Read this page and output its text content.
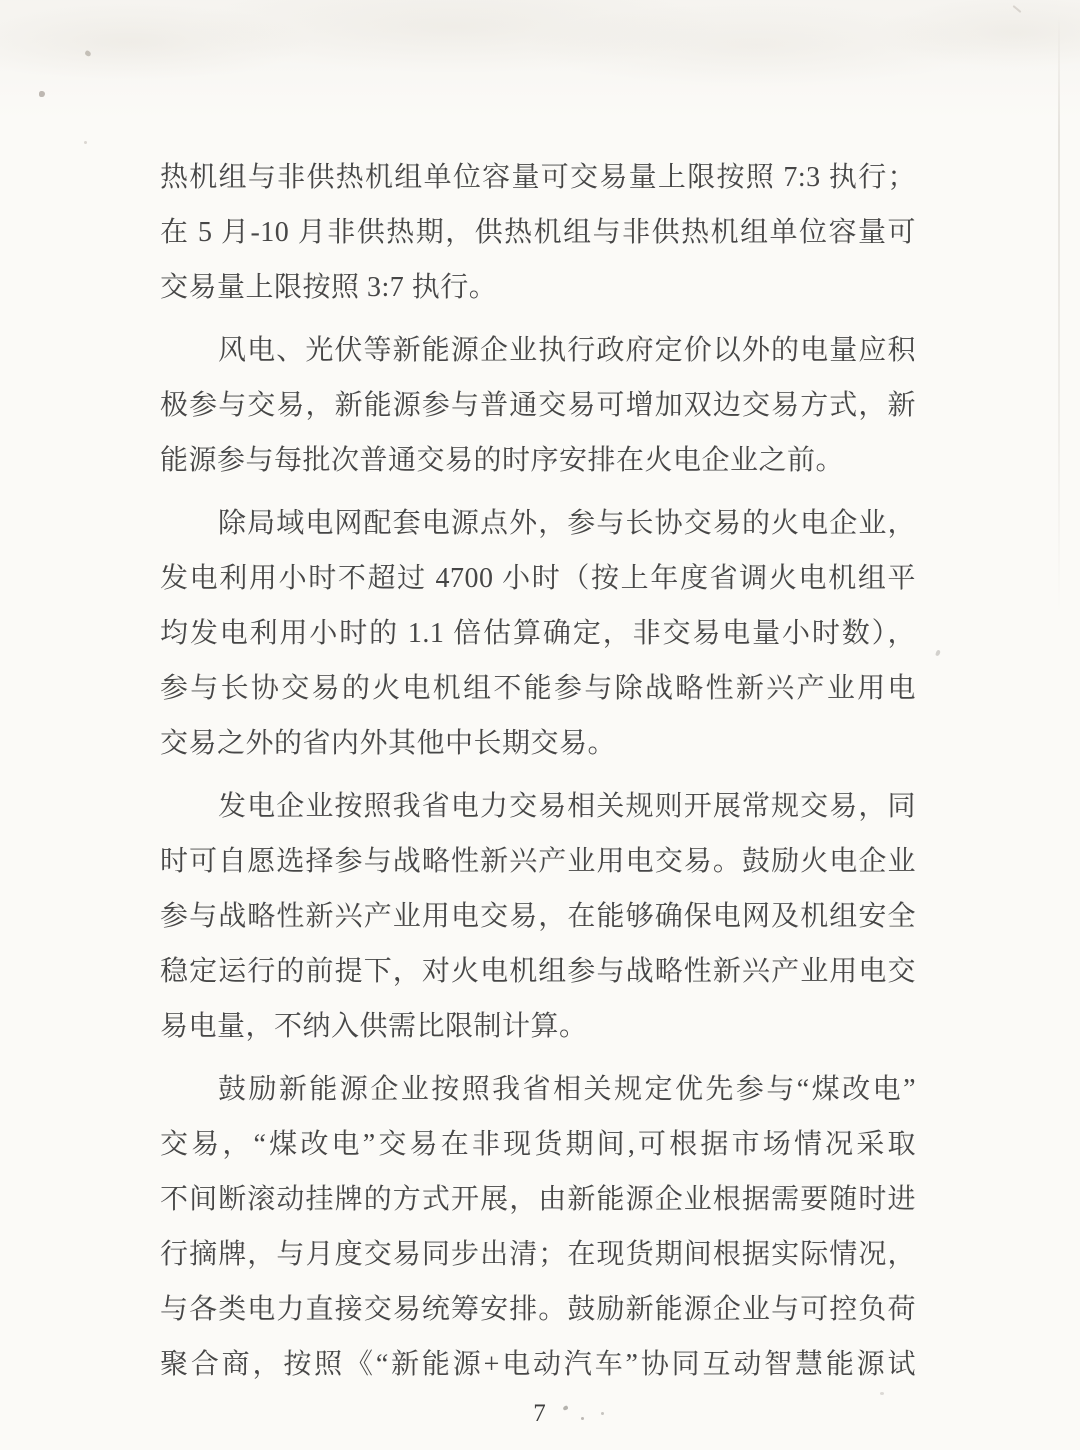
热机组与非供热机组单位容量可交易量上限按照 7:3 执行；
在 5 月-10 月非供热期，供热机组与非供热机组单位容量可
交易量上限按照 3:7 执行。
风电、光伏等新能源企业执行政府定价以外的电量应积
极参与交易，新能源参与普通交易可增加双边交易方式，新
能源参与每批次普通交易的时序安排在火电企业之前。
除局域电网配套电源点外，参与长协交易的火电企业，
发电利用小时不超过 4700 小时（按上年度省调火电机组平
均发电利用小时的 1.1 倍估算确定，非交易电量小时数），
参与长协交易的火电机组不能参与除战略性新兴产业用电
交易之外的省内外其他中长期交易。
发电企业按照我省电力交易相关规则开展常规交易，同
时可自愿选择参与战略性新兴产业用电交易。鼓励火电企业
参与战略性新兴产业用电交易，在能够确保电网及机组安全
稳定运行的前提下，对火电机组参与战略性新兴产业用电交
易电量，不纳入供需比限制计算。
鼓励新能源企业按照我省相关规定优先参与“煤改电”
交易，“煤改电”交易在非现货期间,可根据市场情况采取
不间断滚动挂牌的方式开展，由新能源企业根据需要随时进
行摘牌，与月度交易同步出清；在现货期间根据实际情况，
与各类电力直接交易统筹安排。鼓励新能源企业与可控负荷
聚合商，按照《“新能源+电动汽车”协同互动智慧能源试
7
